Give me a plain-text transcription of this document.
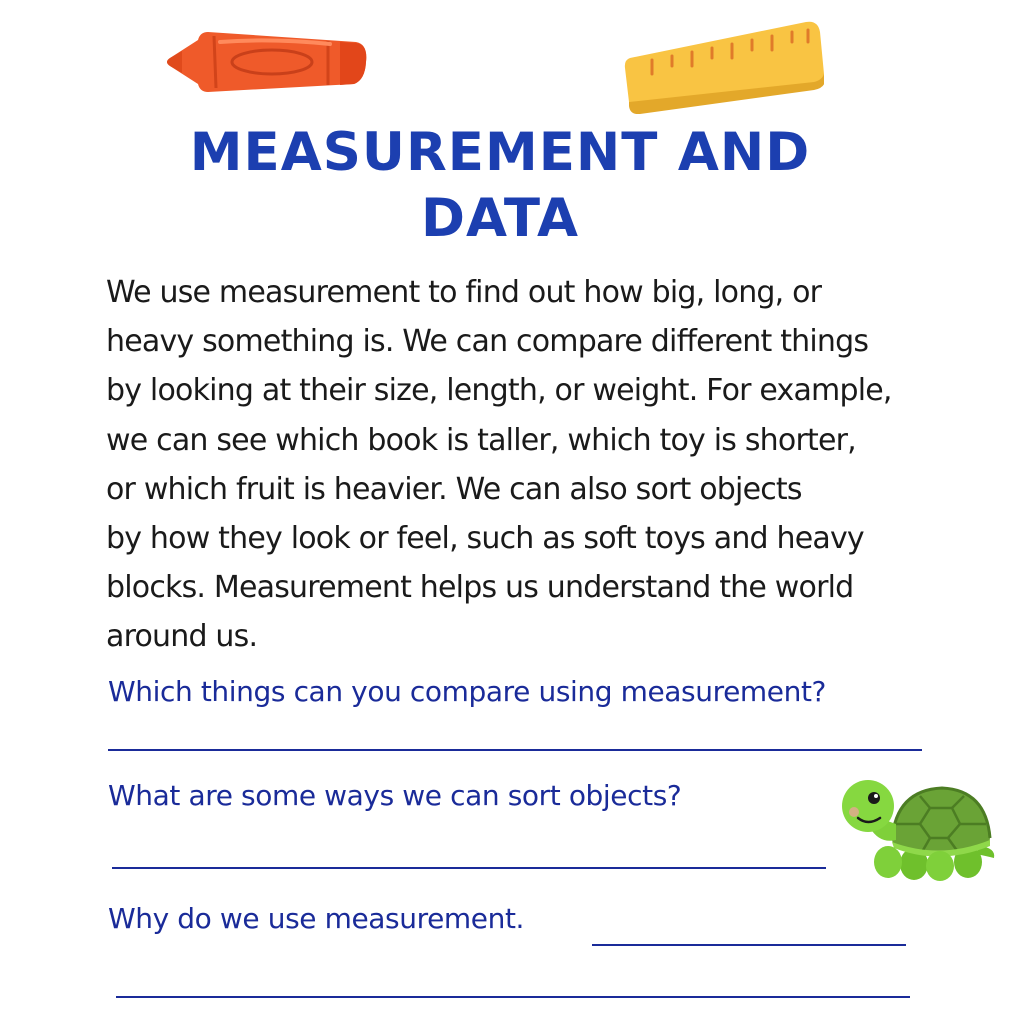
MEASUREMENT AND
DATA

We use measurement to find out how big, long, or
heavy something is. We can compare different things
by looking at their size, length, or weight. For example,
we can see which book is taller, which toy is shorter,
or which fruit is heavier. We can also sort objects
by how they look or feel, such as soft toys and heavy
blocks. Measurement helps us understand the world
around us.

Which things can you compare using measurement?

What are some ways we can sort objects?

Why do we use measurement.
